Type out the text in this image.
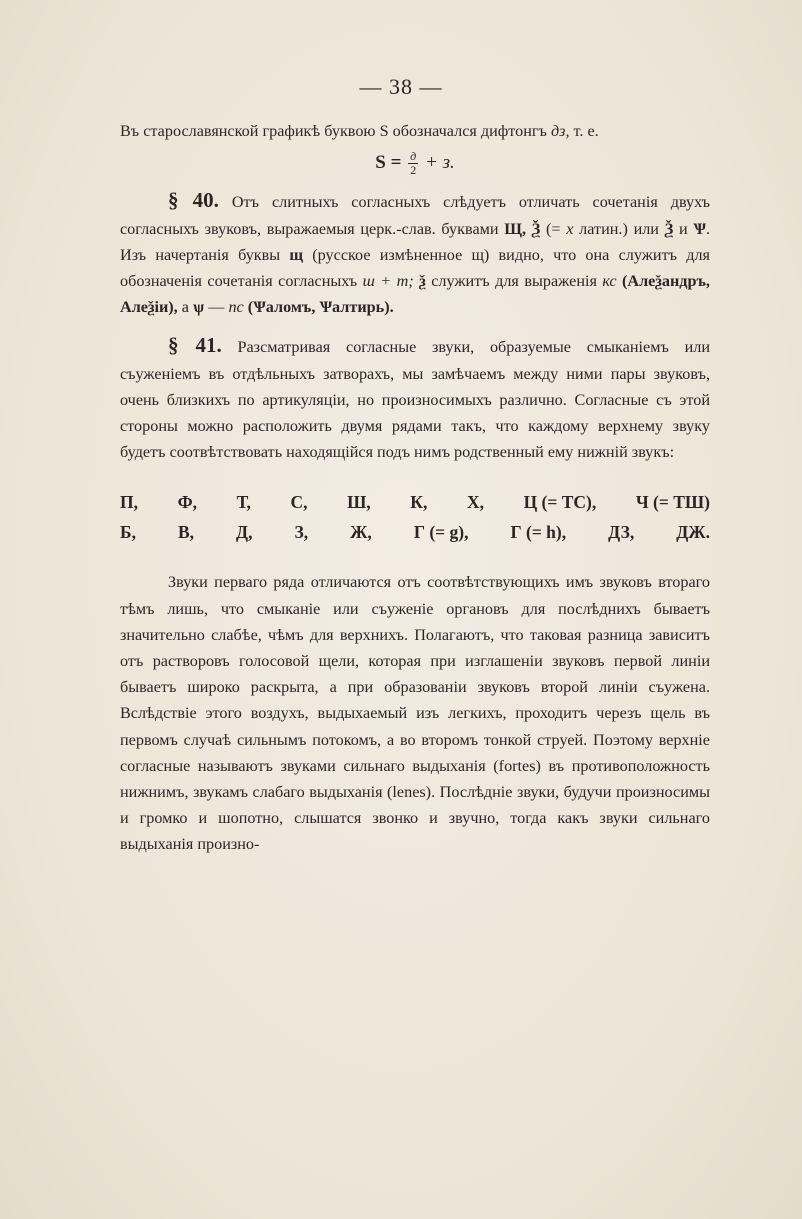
— 38 —

Въ старославянской графикѣ буквою S обозначался дифтонгъ дз, т. е.

$S = \frac{д}{2} + з$.

§ 40. Отъ слитныхъ согласныхъ слѣдуетъ отличать сочетанія двухъ согласныхъ звуковъ, выражаемыя церк.-слав. буквами Щ, Ѯ (= x латин.) или Ѯ и Ѱ. Изъ начертанія буквы щ (русское измѣненное щ) видно, что она служитъ для обозначенія сочетанія согласныхъ ш + т; ѯ служитъ для выраженія кс (Алеѯандръ, Алеѯіи), а ѱ — пс (Ѱаломъ, Ѱалтирь).

§ 41. Разсматривая согласные звуки, образуемые смыканіемъ или съуженіемъ въ отдѣльныхъ затворахъ, мы замѣчаемъ между ними пары звуковъ, очень близкихъ по артикуляціи, но произносимыхъ различно. Согласные съ этой стороны можно расположить двумя рядами такъ, что каждому верхнему звуку будетъ соотвѣтствовать находящійся подъ нимъ родственный ему нижній звукъ:

П, Ф, Т, С, Ш, К, Х, Ц (= ТС), Ч (= ТШ)
Б, В, Д, З, Ж, Г (= g), Г (= h), ДЗ, ДЖ.

Звуки перваго ряда отличаются отъ соотвѣтствующихъ имъ звуковъ втораго тѣмъ лишь, что смыканіе или съуженіе органовъ для послѣднихъ бываетъ значительно слабѣе, чѣмъ для верхнихъ. Полагаютъ, что таковая разница зависитъ отъ растворовъ голосовой щели, которая при изглашеніи звуковъ первой линіи бываетъ широко раскрыта, а при образованіи звуковъ второй линіи съужена. Вслѣдствіе этого воздухъ, выдыхаемый изъ легкихъ, проходитъ черезъ щель въ первомъ случаѣ сильнымъ потокомъ, а во второмъ тонкой струей. Поэтому верхніе согласные называютъ звуками сильнаго выдыханія (fortes) въ противоположность нижнимъ, звукамъ слабаго выдыханія (lenes). Послѣдніе звуки, будучи произносимы и громко и шопотно, слышатся звонко и звучно, тогда какъ звуки сильнаго выдыханія произно-
